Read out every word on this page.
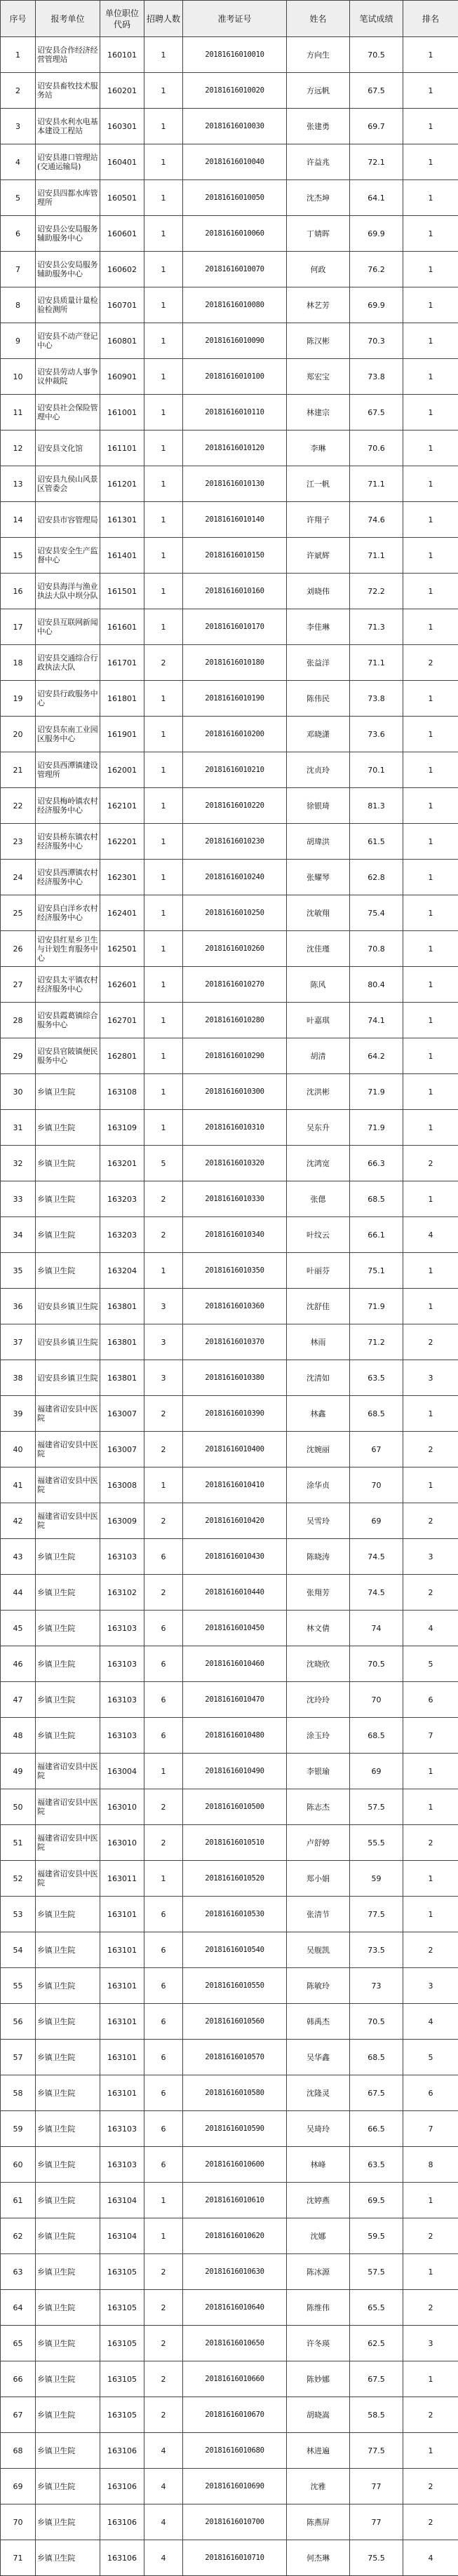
序号	报考单位	单位职位代码	招聘人数	准考证号	姓名	笔试成绩	排名
1	诏安县合作经济经营管理站	160101	1	20181616010010	方向生	70.5	1
2	诏安县畜牧技术服务站	160201	1	20181616010020	方远帆	67.5	1
3	诏安县水利水电基本建设工程站	160301	1	20181616010030	张建勇	69.7	1
4	诏安县港口管理站(交通运输局)	160401	1	20181616010040	许益兆	72.1	1
5	诏安县四都水库管理所	160501	1	20181616010050	沈杰坤	64.1	1
6	诏安县公安局服务辅助服务中心	160601	1	20181616010060	丁婧晖	69.9	1
7	诏安县公安局服务辅助服务中心	160602	1	20181616010070	何政	76.2	1
8	诏安县质量计量检验检测所	160701	1	20181616010080	林艺芳	69.9	1
9	诏安县不动产登记中心	160801	1	20181616010090	陈汉彬	70.3	1
10	诏安县劳动人事争议仲裁院	160901	1	20181616010100	郑宏宝	73.8	1
11	诏安县社会保险管理中心	161001	1	20181616010110	林建宗	67.5	1
12	诏安县文化馆	161101	1	20181616010120	李琳	70.6	1
13	诏安县九侯山风景区管委会	161201	1	20181616010130	江一帆	71.1	1
14	诏安县市容管理局	161301	1	20181616010140	许翔子	74.6	1
15	诏安县安全生产监督中心	161401	1	20181616010150	许斌辉	71.1	1
16	诏安县海洋与渔业执法大队中坝分队	161501	1	20181616010160	刘晓伟	72.2	1
17	诏安县互联网新闻中心	161601	1	20181616010170	李佳琳	71.3	1
18	诏安县交通综合行政执法大队	161701	2	20181616010180	张益洋	71.1	2
19	诏安县行政服务中心	161801	1	20181616010190	陈伟民	73.8	1
20	诏安县东南工业园区服务中心	161901	1	20181616010200	邓晓潇	73.6	1
21	诏安县西潭镇建设管理所	162001	1	20181616010210	沈贞玲	70.1	1
22	诏安县梅岭镇农村经济服务中心	162101	1	20181616010220	徐银琦	81.3	1
23	诏安县桥东镇农村经济服务中心	162201	1	20181616010230	胡瑋洪	61.5	1
24	诏安县西潭镇农村经济服务中心	162301	1	20181616010240	张耀琴	62.8	1
25	诏安县白洋乡农村经济服务中心	162401	1	20181616010250	沈敏翔	75.4	1
26	诏安县红星乡卫生与计划生育服务中心	162501	1	20181616010260	沈佳瑾	70.8	1
27	诏安县太平镇农村经济服务中心	162601	1	20181616010270	陈风	80.4	1
28	诏安县霞葛镇综合服务中心	162701	1	20181616010280	叶嘉琪	74.1	1
29	诏安县官陂镇便民服务中心	162801	1	20181616010290	胡清	64.2	1
30	乡镇卫生院	163108	1	20181616010300	沈洪彬	71.9	1
31	乡镇卫生院	163109	1	20181616010310	吴东升	71.9	1
32	乡镇卫生院	163201	5	20181616010320	沈鸿宽	66.3	2
33	乡镇卫生院	163203	2	20181616010330	张偲	68.5	1
34	乡镇卫生院	163203	2	20181616010340	叶纹云	66.1	4
35	乡镇卫生院	163204	1	20181616010350	叶丽芬	75.1	1
36	诏安县乡镇卫生院	163801	3	20181616010360	沈舒佳	71.9	1
37	诏安县乡镇卫生院	163801	3	20181616010370	林雨	71.2	2
38	诏安县乡镇卫生院	163801	3	20181616010380	沈清如	63.5	3
39	福建省诏安县中医院	163007	2	20181616010390	林鑫	68.5	1
40	福建省诏安县中医院	163007	2	20181616010400	沈婉丽	67	2
41	福建省诏安县中医院	163008	1	20181616010410	涂华贞	70	1
42	福建省诏安县中医院	163009	2	20181616010420	吴雪玲	69	2
43	乡镇卫生院	163103	6	20181616010430	陈晓涛	74.5	3
44	乡镇卫生院	163102	2	20181616010440	张翔芳	74.5	2
45	乡镇卫生院	163103	6	20181616010450	林文倩	74	4
46	乡镇卫生院	163103	6	20181616010460	沈晓欣	70.5	5
47	乡镇卫生院	163103	6	20181616010470	沈玲玲	70	6
48	乡镇卫生院	163103	6	20181616010480	涂玉玲	68.5	7
49	福建省诏安县中医院	163004	1	20181616010490	李银瑜	69	1
50	福建省诏安县中医院	163010	2	20181616010500	陈志杰	57.5	1
51	福建省诏安县中医院	163010	2	20181616010510	卢舒婷	55.5	2
52	福建省诏安县中医院	163011	1	20181616010520	郑小娟	59	1
53	乡镇卫生院	163101	6	20181616010530	张清节	77.5	1
54	乡镇卫生院	163101	6	20181616010540	吴舰凯	73.5	2
55	乡镇卫生院	163101	6	20181616010550	陈敏玲	73	3
56	乡镇卫生院	163101	6	20181616010560	韩禹杰	70.5	4
57	乡镇卫生院	163101	6	20181616010570	吴华鑫	68.5	5
58	乡镇卫生院	163101	6	20181616010580	沈隆灵	67.5	6
59	乡镇卫生院	163103	6	20181616010590	吴琦玲	66.5	7
60	乡镇卫生院	163103	6	20181616010600	林峰	63.5	8
61	乡镇卫生院	163104	1	20181616010610	沈婷燕	69.5	1
62	乡镇卫生院	163104	1	20181616010620	沈娜	59.5	2
63	乡镇卫生院	163105	2	20181616010630	陈冰源	57.5	1
64	乡镇卫生院	163105	2	20181616010640	陈维伟	65.5	2
65	乡镇卫生院	163105	2	20181616010650	许冬瑛	62.5	3
66	乡镇卫生院	163105	2	20181616010660	陈妙娜	67.5	1
67	乡镇卫生院	163105	2	20181616010670	胡晓嵩	58.5	2
68	乡镇卫生院	163106	4	20181616010680	林进遍	77.5	1
69	乡镇卫生院	163106	4	20181616010690	沈雅	77	2
70	乡镇卫生院	163106	4	20181616010700	陈燕屏	77	2
71	乡镇卫生院	163106	4	20181616010710	何杰琳	75.5	4
